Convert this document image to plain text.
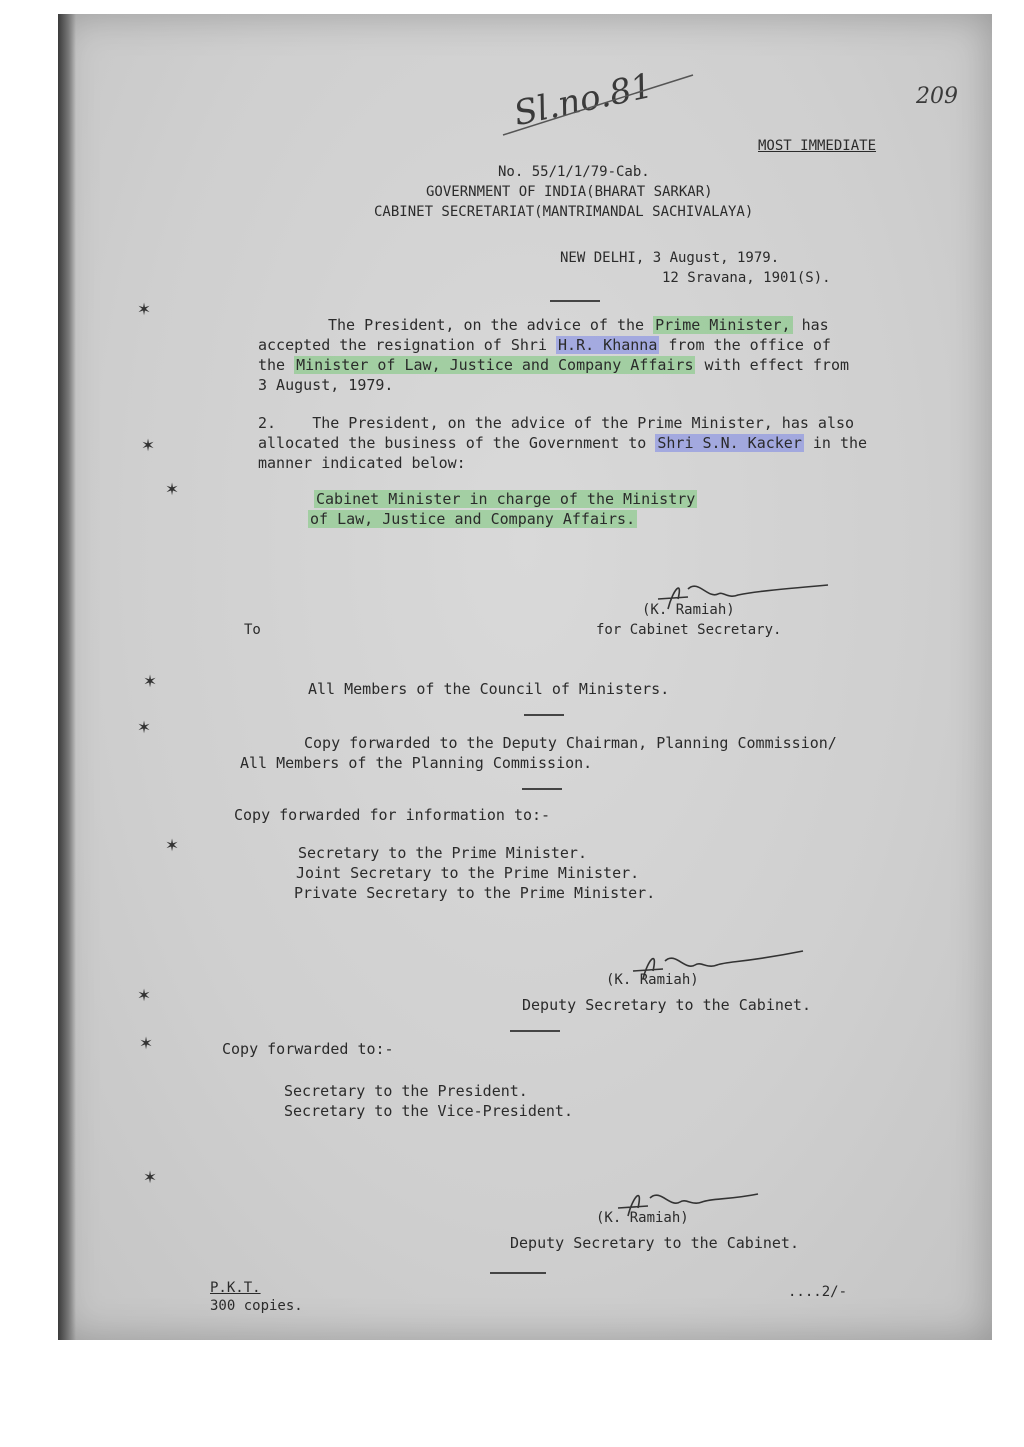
Sl.no.81	209
MOST IMMEDIATE
No. 55/1/1/79-Cab.
GOVERNMENT OF INDIA(BHARAT SARKAR)
CABINET SECRETARIAT(MANTRIMANDAL SACHIVALAYA)
NEW DELHI, 3 August, 1979.
12 Sravana, 1901(S).
The President, on the advice of the Prime Minister, has
accepted the resignation of Shri H.R. Khanna from the office of
the Minister of Law, Justice and Company Affairs with effect from
3 August, 1979.
2. The President, on the advice of the Prime Minister, has also
allocated the business of the Government to Shri S.N. Kacker in the
manner indicated below:
Cabinet Minister in charge of the Ministry
of Law, Justice and Company Affairs.
(K. Ramiah)
for Cabinet Secretary.
To
All Members of the Council of Ministers.
Copy forwarded to the Deputy Chairman, Planning Commission/
All Members of the Planning Commission.
Copy forwarded for information to:-
Secretary to the Prime Minister.
Joint Secretary to the Prime Minister.
Private Secretary to the Prime Minister.
(K. Ramiah)
Deputy Secretary to the Cabinet.
Copy forwarded to:-
Secretary to the President.
Secretary to the Vice-President.
(K. Ramiah)
Deputy Secretary to the Cabinet.
P.K.T.
300 copies.
....2/-
✶
✶
✶
✶
✶
✶
✶
✶
✶
